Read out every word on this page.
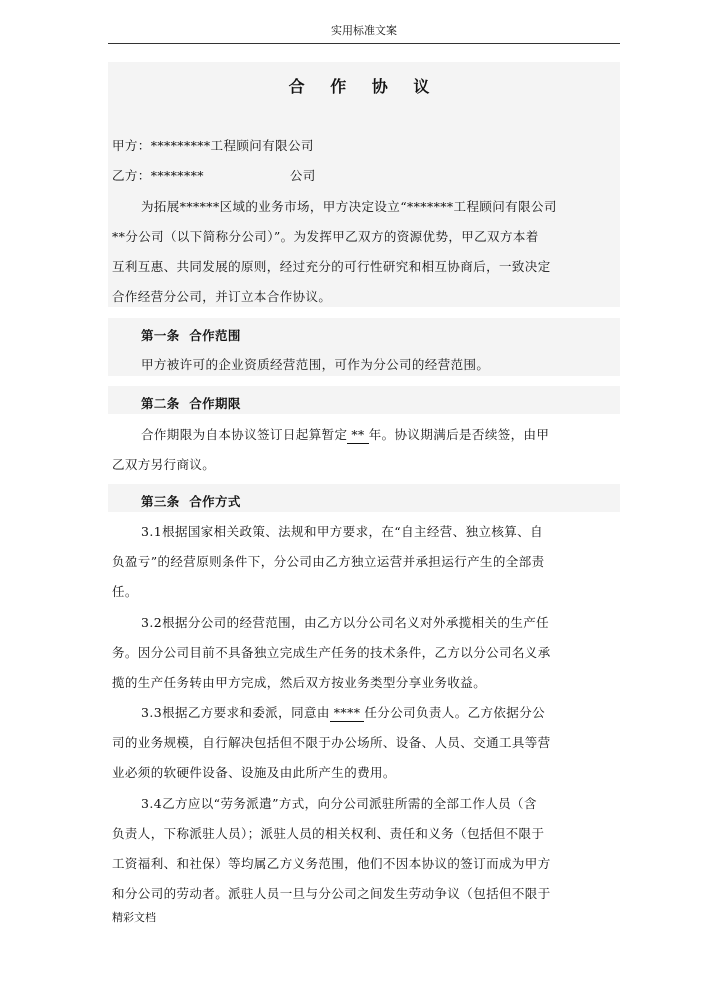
实用标准文案
合 作 协 议
甲方：*********工程顾问有限公司
乙方：********	公司
为拓展******区域的业务市场，甲方决定设立“*******工程顾问有限公司
**分公司（以下简称分公司）”。为发挥甲乙双方的资源优势，甲乙双方本着
互利互惠、共同发展的原则，经过充分的可行性研究和相互协商后，一致决定
合作经营分公司，并订立本合作协议。
第一条  合作范围
甲方被许可的企业资质经营范围，可作为分公司的经营范围。
第二条  合作期限
合作期限为自本协议签订日起算暂定 ** 年。协议期满后是否续签，由甲
乙双方另行商议。
第三条  合作方式
3.1根据国家相关政策、法规和甲方要求，在“自主经营、独立核算、自
负盈亏”的经营原则条件下，分公司由乙方独立运营并承担运行产生的全部责
任。
3.2根据分公司的经营范围，由乙方以分公司名义对外承揽相关的生产任
务。因分公司目前不具备独立完成生产任务的技术条件，乙方以分公司名义承
揽的生产任务转由甲方完成，然后双方按业务类型分享业务收益。
3.3根据乙方要求和委派，同意由 **** 任分公司负责人。乙方依据分公
司的业务规模，自行解决包括但不限于办公场所、设备、人员、交通工具等营
业必须的软硬件设备、设施及由此所产生的费用。
3.4乙方应以“劳务派遣”方式，向分公司派驻所需的全部工作人员（含
负责人，下称派驻人员）；派驻人员的相关权利、责任和义务（包括但不限于
工资福利、和社保）等均属乙方义务范围，他们不因本协议的签订而成为甲方
和分公司的劳动者。派驻人员一旦与分公司之间发生劳动争议（包括但不限于
精彩文档
